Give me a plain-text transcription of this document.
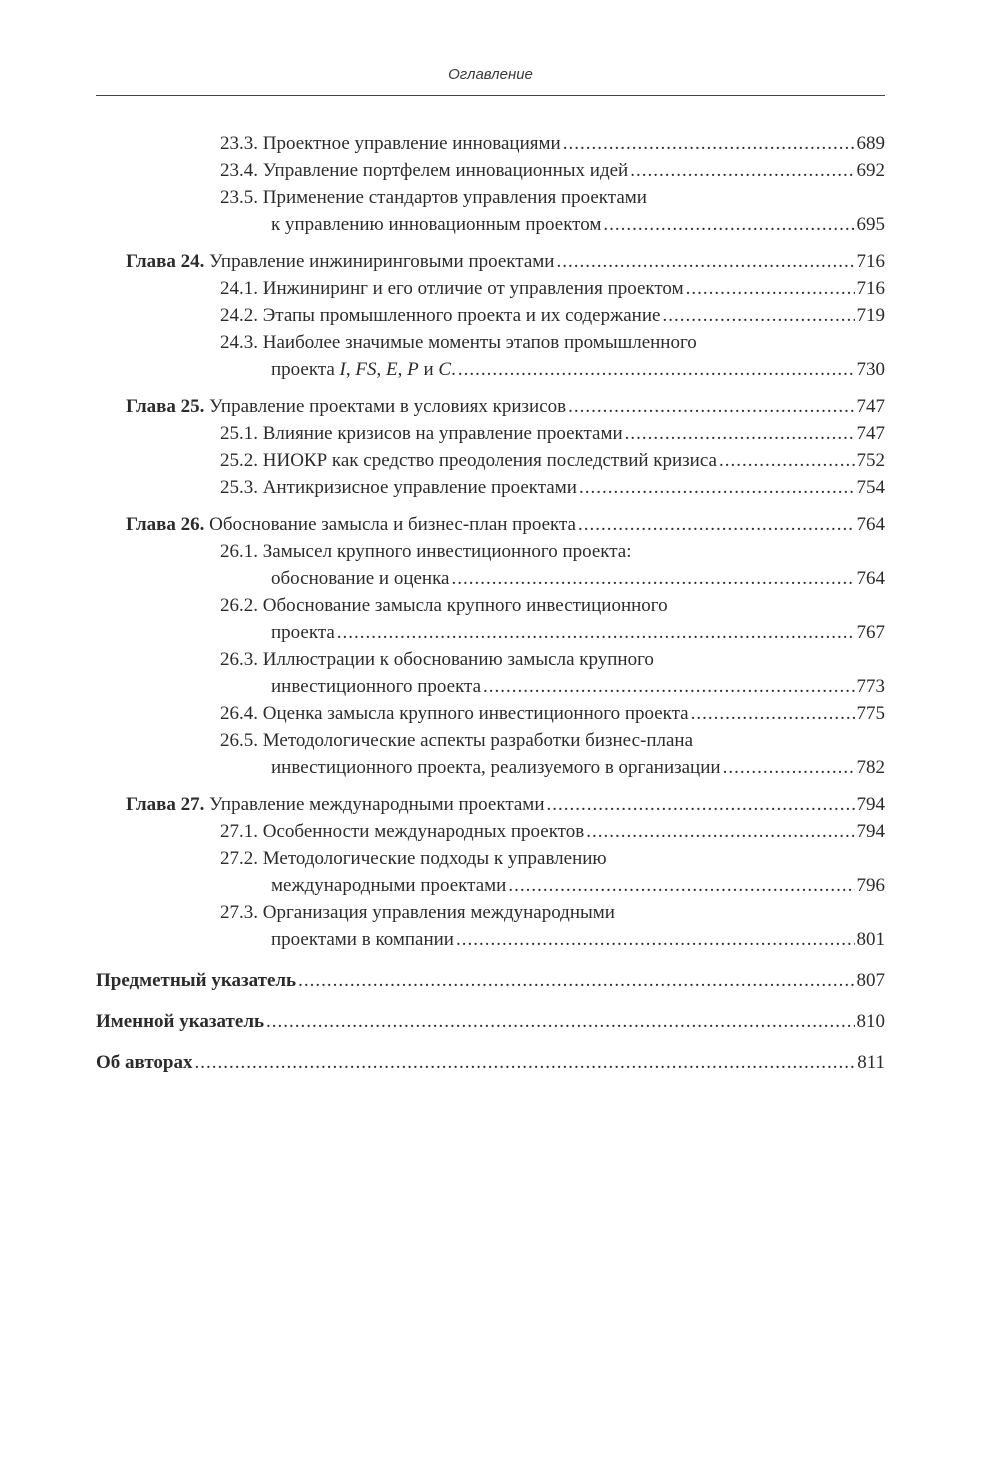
Оглавление
23.3. Проектное управление инновациями .....	689
23.4. Управление портфелем инновационных идей .....	692
23.5. Применение стандартов управления проектами
к управлению инновационным проектом .....	695
Глава 24. Управление инжиниринговыми проектами .....	716
24.1. Инжиниринг и его отличие от управления проектом .....	716
24.2. Этапы промышленного проекта и их содержание .....	719
24.3. Наиболее значимые моменты этапов промышленного
проекта I, FS, E, P и C. .....	730
Глава 25. Управление проектами в условиях кризисов .....	747
25.1. Влияние кризисов на управление проектами .....	747
25.2. НИОКР как средство преодоления последствий кризиса .....	752
25.3. Антикризисное управление проектами .....	754
Глава 26. Обоснование замысла и бизнес-план проекта .....	764
26.1. Замысел крупного инвестиционного проекта:
обоснование и оценка .....	764
26.2. Обоснование замысла крупного инвестиционного
проекта .....	767
26.3. Иллюстрации к обоснованию замысла крупного
инвестиционного проекта .....	773
26.4. Оценка замысла крупного инвестиционного проекта .....	775
26.5. Методологические аспекты разработки бизнес-плана
инвестиционного проекта, реализуемого в организации .....	782
Глава 27. Управление международными проектами .....	794
27.1. Особенности международных проектов .....	794
27.2. Методологические подходы к управлению
международными проектами .....	796
27.3. Организация управления международными
проектами в компании .....	801
Предметный указатель .....	807
Именной указатель .....	810
Об авторах .....	811
